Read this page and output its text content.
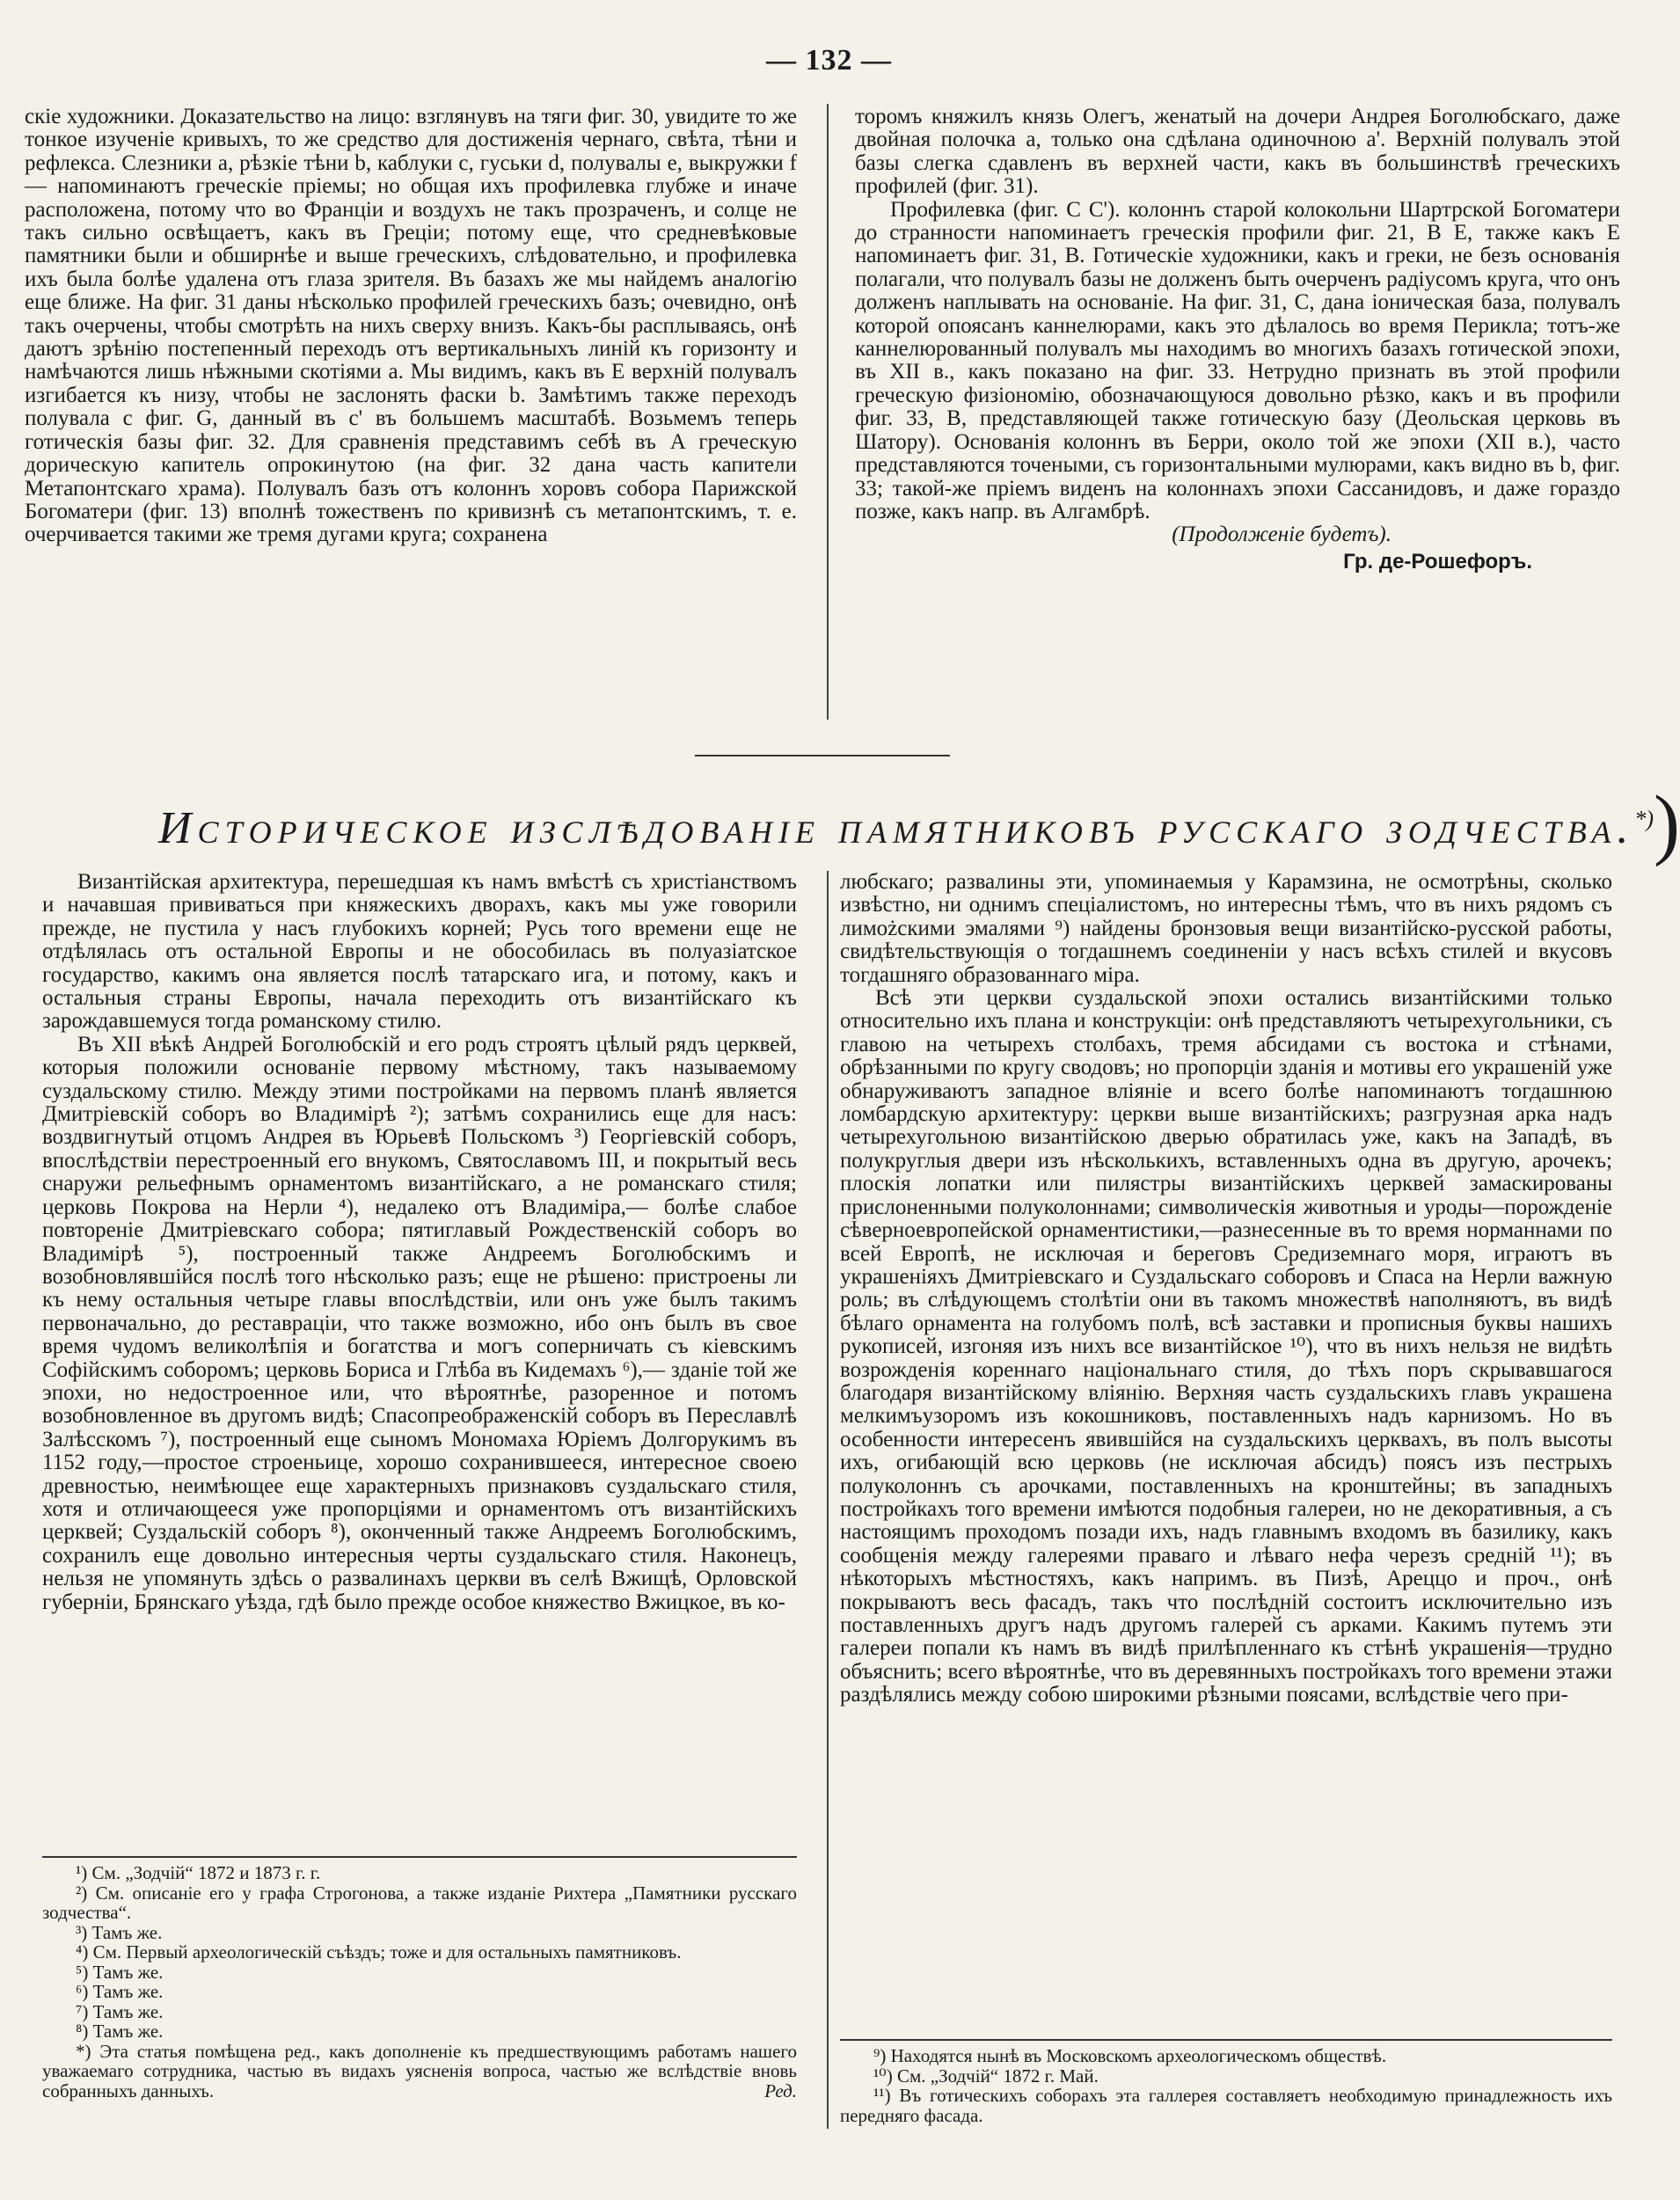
— 132 —

скіе художники. Доказательство на лицо: взглянувъ на тяги фиг. 30, увидите то же тонкое изученіе кривыхъ, то же средство для достиженія чернаго, свѣта, тѣни и рефлекса. Слезники a, рѣзкіе тѣни b, каблуки c, гуськи d, полувалы e, выкружки f — напоминаютъ греческіе пріемы; но общая ихъ профилевка глубже и иначе расположена, потому что во Франціи и воздухъ не такъ прозраченъ, и солце не такъ сильно освѣщаетъ, какъ въ Греціи; потому еще, что средневѣковые памятники были и обширнѣе и выше греческихъ, слѣдовательно, и профилевка ихъ была болѣе удалена отъ глаза зрителя. Въ базахъ же мы найдемъ аналогію еще ближе. На фиг. 31 даны нѣсколько профилей греческихъ базъ; очевидно, онѣ такъ очерчены, чтобы смотрѣть на нихъ сверху внизъ. Какъ-бы расплываясь, онѣ даютъ зрѣнію постепенный переходъ отъ вертикальныхъ линій къ горизонту и намѣчаются лишь нѣжными скотіями a. Мы видимъ, какъ въ E верхній полувалъ изгибается къ низу, чтобы не заслонять фаски b. Замѣтимъ также переходъ полувала c фиг. G, данный въ c' въ большемъ масштабѣ. Возьмемъ теперь готическія базы фиг. 32. Для сравненія представимъ себѣ въ A греческую дорическую капитель опрокинутою (на фиг. 32 дана часть капители Метапонтскаго храма). Полувалъ базъ отъ колоннъ хоровъ собора Парижской Богоматери (фиг. 13) вполнѣ тожественъ по кривизнѣ съ метапонтскимъ, т. е. очерчивается такими же тремя дугами круга; сохранена

торомъ княжилъ князь Олегъ, женатый на дочери Андрея Боголюбскаго, даже двойная полочка a, только она сдѣлана одиночною a'. Верхній полувалъ этой базы слегка сдавленъ въ верхней части, какъ въ большинствѣ греческихъ профилей (фиг. 31).

Профилевка (фиг. C C'). колоннъ старой колокольни Шартрской Богоматери до странности напоминаетъ греческія профили фиг. 21, B E, также какъ E напоминаетъ фиг. 31, B. Готическіе художники, какъ и греки, не безъ основанія полагали, что полувалъ базы не долженъ быть очерченъ радіусомъ круга, что онъ долженъ наплывать на основаніе. На фиг. 31, C, дана іоническая база, полувалъ которой опоясанъ каннелюрами, какъ это дѣлалось во время Перикла; тотъ-же каннелюрованный полувалъ мы находимъ во многихъ базахъ готической эпохи, въ XII в., какъ показано на фиг. 33. Нетрудно признать въ этой профили греческую физіономію, обозначающуюся довольно рѣзко, какъ и въ профили фиг. 33, B, представляющей также готическую базу (Деольская церковь въ Шатору). Основанія колоннъ въ Берри, около той же эпохи (XII в.), часто представляются точеными, съ горизонтальными мулюрами, какъ видно въ b, фиг. 33; такой-же пріемъ виденъ на колоннахъ эпохи Сассанидовъ, и даже гораздо позже, какъ напр. въ Алгамбрѣ.

(Продолженіе будетъ).
Гр. де-Рошефоръ.
Историческое изслѣдованіе памятниковъ русскаго зодчества.*))

Византійская архитектура, перешедшая къ намъ вмѣстѣ съ христіанствомъ и начавшая прививаться при княжескихъ дворахъ, какъ мы уже говорили прежде, не пустила у насъ глубокихъ корней; Русь того времени еще не отдѣлялась отъ остальной Европы и не обособилась въ полуазіатское государство, какимъ она является послѣ татарскаго ига, и потому, какъ и остальныя страны Европы, начала переходить отъ византійскаго къ зарождавшемуся тогда романскому стилю.

Въ XII вѣкѣ Андрей Боголюбскій и его родъ строятъ цѣлый рядъ церквей, которыя положили основаніе первому мѣстному, такъ называемому суздальскому стилю. Между этими постройками на первомъ планѣ является Дмитріевскій соборъ во Владимірѣ ²); затѣмъ сохранились еще для насъ: воздвигнутый отцомъ Андрея въ Юрьевѣ Польскомъ ³) Георгіевскій соборъ, впослѣдствіи перестроенный его внукомъ, Святославомъ III, и покрытый весь снаружи рельефнымъ орнаментомъ византійскаго, а не романскаго стиля; церковь Покрова на Нерли ⁴), недалеко отъ Владиміра,— болѣе слабое повтореніе Дмитріевскаго собора; пятиглавый Рождественскій соборъ во Владимірѣ ⁵), построенный также Андреемъ Боголюбскимъ и возобновлявшійся послѣ того нѣсколько разъ; еще не рѣшено: пристроены ли къ нему остальныя четыре главы впослѣдствіи, или онъ уже былъ такимъ первоначально, до реставраціи, что также возможно, ибо онъ былъ въ свое время чудомъ великолѣпія и богатства и могъ соперничать съ кіевскимъ Софійскимъ соборомъ; церковь Бориса и Глѣба въ Кидемахъ ⁶),— зданіе той же эпохи, но недостроенное или, что вѣроятнѣе, разоренное и потомъ возобновленное въ другомъ видѣ; Спасопреображенскій соборъ въ Переславлѣ Залѣсскомъ ⁷), построенный еще сыномъ Мономаха Юріемъ Долгорукимъ въ 1152 году,—простое строеньице, хорошо сохранившееся, интересное своею древностью, неимѣющее еще характерныхъ признаковъ суздальскаго стиля, хотя и отличающееся уже пропорціями и орнаментомъ отъ византійскихъ церквей; Суздальскій соборъ ⁸), оконченный также Андреемъ Боголюбскимъ, сохранилъ еще довольно интересныя черты суздальскаго стиля. Наконецъ, нельзя не упомянуть здѣсь о развалинахъ церкви въ селѣ Вжищѣ, Орловской губерніи, Брянскаго уѣзда, гдѣ было прежде особое княжество Вжицкое, въ ко-

любскаго; развалины эти, упоминаемыя у Карамзина, не осмотрѣны, сколько извѣстно, ни однимъ спеціалистомъ, но интересны тѣмъ, что въ нихъ рядомъ съ лимożскими эмалями ⁹) найдены бронзовыя вещи византійско-русской работы, свидѣтельствующія о тогдашнемъ соединеніи у насъ всѣхъ стилей и вкусовъ тогдашняго образованнаго міра.

Всѣ эти церкви суздальской эпохи остались византійскими только относительно ихъ плана и конструкціи: онѣ представляютъ четырехугольники, съ главою на четырехъ столбахъ, тремя абсидами съ востока и стѣнами, обрѣзанными по кругу сводовъ; но пропорціи зданія и мотивы его украшеній уже обнаруживаютъ западное вліяніе и всего болѣе напоминаютъ тогдашнюю ломбардскую архитектуру: церкви выше византійскихъ; разгрузная арка надъ четырехугольною византійскою дверью обратилась уже, какъ на Западѣ, въ полукруглыя двери изъ нѣсколькихъ, вставленныхъ одна въ другую, арочекъ; плоскія лопатки или пилястры византійскихъ церквей замаскированы прислоненными полуколоннами; символическія животныя и уроды—порожденіе сѣверноевропейской орнаментистики,—разнесенные въ то время норманнами по всей Европѣ, не исключая и береговъ Средиземнаго моря, играютъ въ украшеніяхъ Дмитріевскаго и Суздальскаго соборовъ и Спаса на Нерли важную роль; въ слѣдующемъ столѣтіи они въ такомъ множествѣ наполняютъ, въ видѣ бѣлаго орнамента на голубомъ полѣ, всѣ заставки и прописныя буквы нашихъ рукописей, изгоняя изъ нихъ все византійское ¹⁰), что въ нихъ нельзя не видѣть возрожденія кореннаго національнаго стиля, до тѣхъ поръ скрывавшагося благодаря византійскому вліянію. Верхняя часть суздальскихъ главъ украшена мелкимъузоромъ изъ кокошниковъ, поставленныхъ надъ карнизомъ. Но въ особенности интересенъ явившійся на суздальскихъ церквахъ, въ полъ высоты ихъ, огибающій всю церковь (не исключая абсидъ) поясъ изъ пестрыхъ полуколоннъ съ арочками, поставленныхъ на кронштейны; въ западныхъ постройкахъ того времени имѣются подобныя галереи, но не декоративныя, а съ настоящимъ проходомъ позади ихъ, надъ главнымъ входомъ въ базилику, какъ сообщенія между галереями праваго и лѣваго нефа черезъ средній ¹¹); въ нѣкоторыхъ мѣстностяхъ, какъ напримъ. въ Пизѣ, Ареццо и проч., онѣ покрываютъ весь фасадъ, такъ что послѣдній состоитъ исключительно изъ поставленныхъ другъ надъ другомъ галерей съ арками. Какимъ путемъ эти галереи попали къ намъ въ видѣ прилѣпленнаго къ стѣнѣ украшенія—трудно объяснить; всего вѣроятнѣе, что въ деревянныхъ постройкахъ того времени этажи раздѣлялись между собою широкими рѣзными поясами, вслѣдствіе чего при-

¹) См. „Зодчій“ 1872 и 1873 г. г.

²) См. описаніе его у графа Строгонова, а также изданіе Рихтера „Памятники русскаго зодчества“.

³) Тамъ же.

⁴) См. Первый археологическій съѣздъ; тоже и для остальныхъ памятниковъ.

⁵) Тамъ же.

⁶) Тамъ же.

⁷) Тамъ же.

⁸) Тамъ же.

*) Эта статья помѣщена ред., какъ дополненіе къ предшествующимъ работамъ нашего уважаемаго сотрудника, частью въ видахъ уясненія вопроса, частью же вслѣдствіе вновь собранныхъ данныхъ.	Ред.

⁹) Находятся нынѣ въ Московскомъ археологическомъ обществѣ.

¹⁰) См. „Зодчій“ 1872 г. Май.

¹¹) Въ готическихъ соборахъ эта галлерея составляетъ необходимую принадлежность ихъ передняго фасада.
